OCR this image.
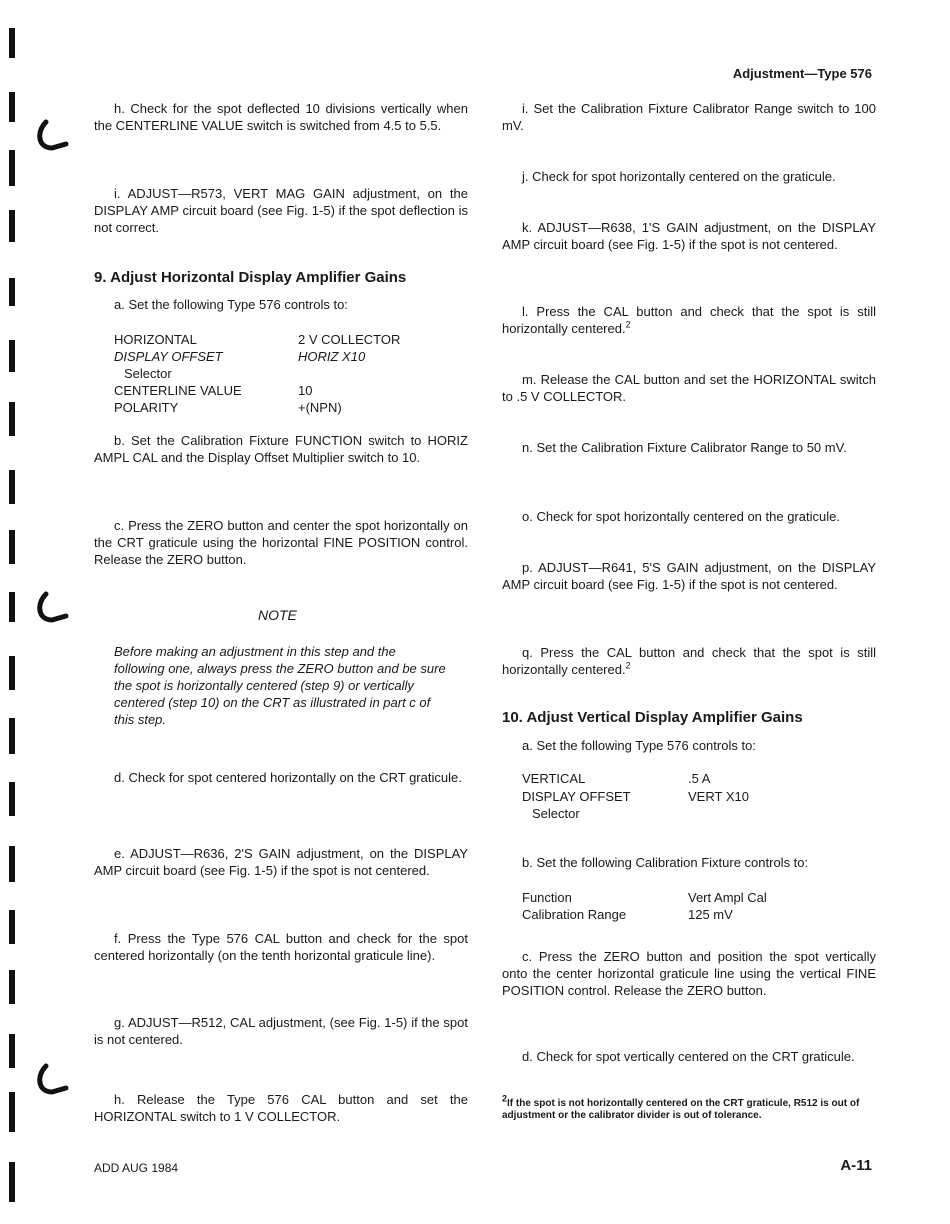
Adjustment—Type 576
h. Check for the spot deflected 10 divisions vertically when the CENTERLINE VALUE switch is switched from 4.5 to 5.5.
i. ADJUST—R573, VERT MAG GAIN adjustment, on the DISPLAY AMP circuit board (see Fig. 1-5) if the spot deflection is not correct.
9. Adjust Horizontal Display Amplifier Gains
a. Set the following Type 576 controls to:
HORIZONTAL	2 V COLLECTOR
DISPLAY OFFSET	HORIZ X10
Selector
CENTERLINE VALUE	10
POLARITY	+(NPN)
b. Set the Calibration Fixture FUNCTION switch to HORIZ AMPL CAL and the Display Offset Multiplier switch to 10.
c. Press the ZERO button and center the spot horizontally on the CRT graticule using the horizontal FINE POSITION control. Release the ZERO button.
NOTE
Before making an adjustment in this step and the following one, always press the ZERO button and be sure the spot is horizontally centered (step 9) or vertically centered (step 10) on the CRT as illustrated in part c of this step.
d. Check for spot centered horizontally on the CRT graticule.
e. ADJUST—R636, 2'S GAIN adjustment, on the DISPLAY AMP circuit board (see Fig. 1-5) if the spot is not centered.
f. Press the Type 576 CAL button and check for the spot centered horizontally (on the tenth horizontal graticule line).
g. ADJUST—R512, CAL adjustment, (see Fig. 1-5) if the spot is not centered.
h. Release the Type 576 CAL button and set the HORIZONTAL switch to 1 V COLLECTOR.
i. Set the Calibration Fixture Calibrator Range switch to 100 mV.
j. Check for spot horizontally centered on the graticule.
k. ADJUST—R638, 1'S GAIN adjustment, on the DISPLAY AMP circuit board (see Fig. 1-5) if the spot is not centered.
l. Press the CAL button and check that the spot is still horizontally centered.$^2$
m. Release the CAL button and set the HORIZONTAL switch to .5 V COLLECTOR.
n. Set the Calibration Fixture Calibrator Range to 50 mV.
o. Check for spot horizontally centered on the graticule.
p. ADJUST—R641, 5'S GAIN adjustment, on the DISPLAY AMP circuit board (see Fig. 1-5) if the spot is not centered.
q. Press the CAL button and check that the spot is still horizontally centered.$^2$
10. Adjust Vertical Display Amplifier Gains
a. Set the following Type 576 controls to:
VERTICAL	.5 A
DISPLAY OFFSET	VERT X10
Selector
b. Set the following Calibration Fixture controls to:
Function	Vert Ampl Cal
Calibration Range	125 mV
c. Press the ZERO button and position the spot vertically onto the center horizontal graticule line using the vertical FINE POSITION control. Release the ZERO button.
d. Check for spot vertically centered on the CRT graticule.
$^2$If the spot is not horizontally centered on the CRT graticule, R512 is out of adjustment or the calibrator divider is out of tolerance.
ADD AUG 1984	A-11
